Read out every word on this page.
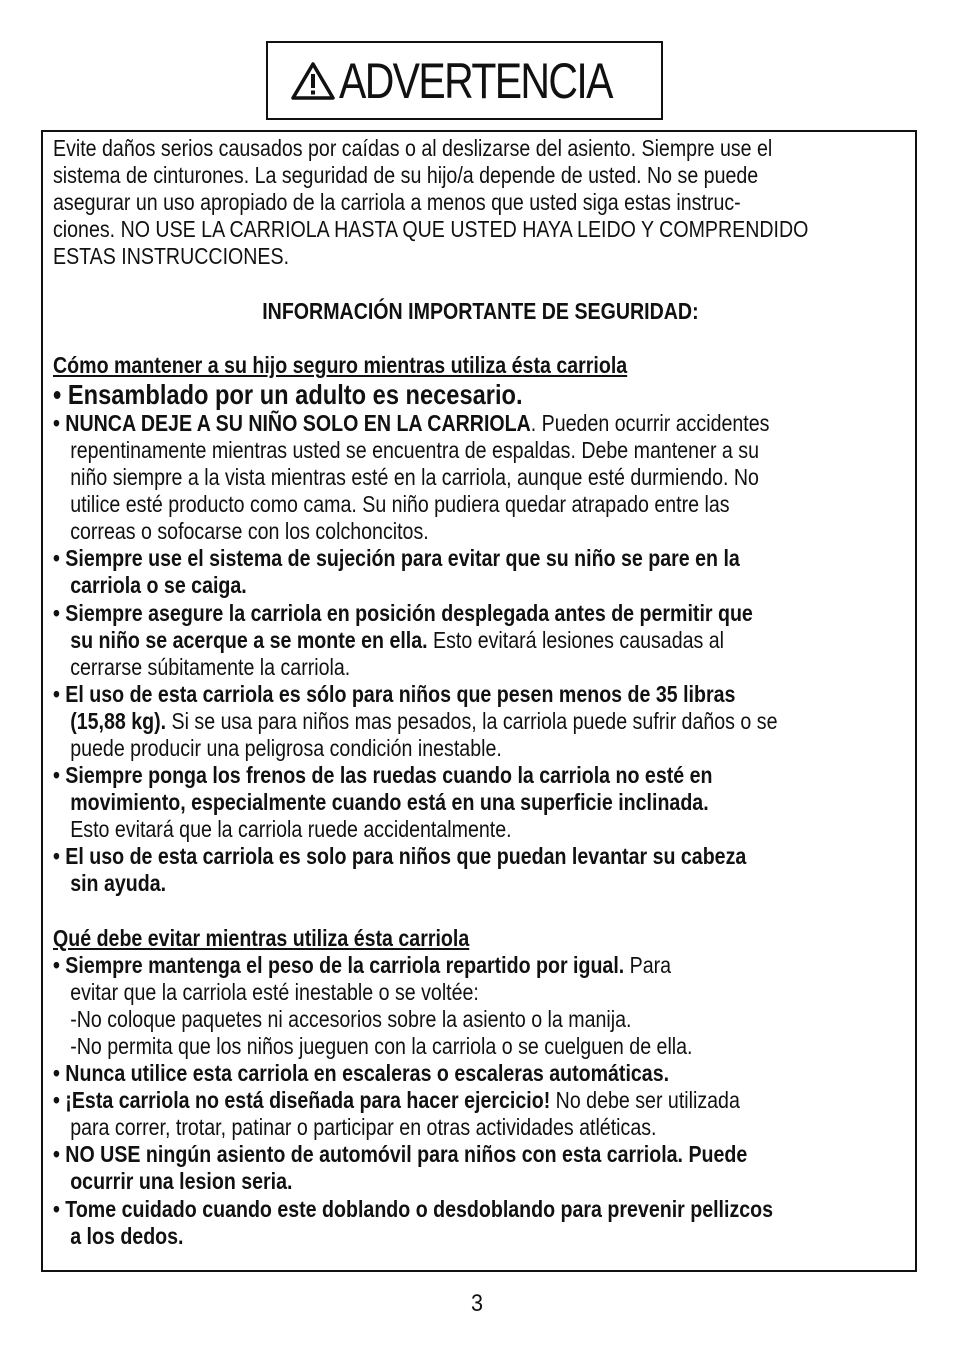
ADVERTENCIA
Evite daños serios causados por caídas o al deslizarse del asiento. Siempre use el
sistema de cinturones. La seguridad de su hijo/a depende de usted. No se puede
asegurar un uso apropiado de la carriola a menos que usted siga estas instruc-
ciones. NO USE LA CARRIOLA HASTA QUE USTED HAYA LEIDO Y COMPRENDIDO
ESTAS INSTRUCCIONES.
INFORMACIÓN IMPORTANTE DE SEGURIDAD:
Cómo mantener a su hijo seguro mientras utiliza ésta carriola
• Ensamblado por un adulto es necesario.
• NUNCA DEJE A SU NIÑO SOLO EN LA CARRIOLA. Pueden ocurrir accidentes
repentinamente mientras usted se encuentra de espaldas. Debe mantener a su
niño siempre a la vista mientras esté en la carriola, aunque esté durmiendo. No
utilice esté producto como cama. Su niño pudiera quedar atrapado entre las
correas o sofocarse con los colchoncitos.
• Siempre use el sistema de sujeción para evitar que su niño se pare en la
carriola o se caiga.
• Siempre asegure la carriola en posición desplegada antes de permitir que
su niño se acerque a se monte en ella. Esto evitará lesiones causadas al
cerrarse súbitamente la carriola.
• El uso de esta carriola es sólo para niños que pesen menos de 35 libras
(15,88 kg). Si se usa para niños mas pesados, la carriola puede sufrir daños o se
puede producir una peligrosa condición inestable.
• Siempre ponga los frenos de las ruedas cuando la carriola no esté en
movimiento, especialmente cuando está en una superficie inclinada.
Esto evitará que la carriola ruede accidentalmente.
• El uso de esta carriola es solo para niños que puedan levantar su cabeza
sin ayuda.
Qué debe evitar mientras utiliza ésta carriola
• Siempre mantenga el peso de la carriola repartido por igual. Para
evitar que la carriola esté inestable o se voltée:
-No coloque paquetes ni accesorios sobre la asiento o la manija.
-No permita que los niños jueguen con la carriola o se cuelguen de ella.
• Nunca utilice esta carriola en escaleras o escaleras automáticas.
• ¡Esta carriola no está diseñada para hacer ejercicio! No debe ser utilizada
para correr, trotar, patinar o participar en otras actividades atléticas.
• NO USE ningún asiento de automóvil para niños con esta carriola. Puede
ocurrir una lesion seria.
• Tome cuidado cuando este doblando o desdoblando para prevenir pellizcos
a los dedos.
3
